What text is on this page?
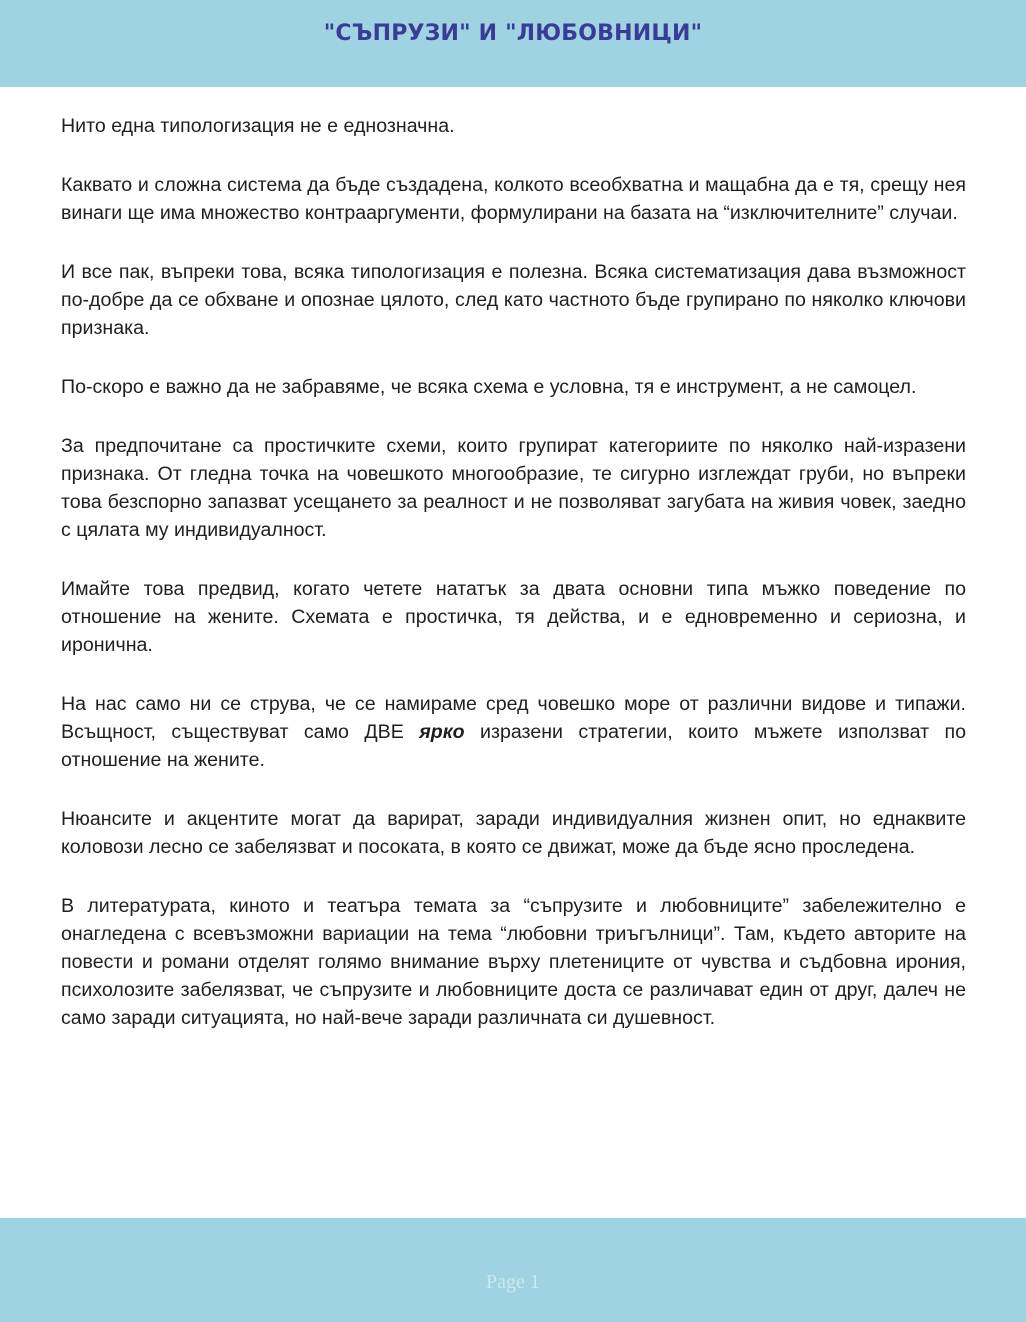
"СЪПРУЗИ" И "ЛЮБОВНИЦИ"

Нито една типологизация не е еднозначна.

Каквато и сложна система да бъде създадена, колкото всеобхватна и мащабна да е тя, срещу нея винаги ще има множество контрааргументи, формулирани на базата на “изключителните” случаи.

И все пак, въпреки това, всяка типологизация е полезна. Всяка систематизация дава възможност по-добре да се обхване и опознае цялото, след като частното бъде групирано по няколко ключови признака.

По-скоро е важно да не забравяме, че всяка схема е условна, тя е инструмент, а не самоцел.

За предпочитане са простичките схеми, които групират категориите по няколко най-изразени признака. От гледна точка на човешкото многообразие, те сигурно изглеждат груби, но въпреки това безспорно запазват усещането за реалност и не позволяват загубата на живия човек, заедно с цялата му индивидуалност.

Имайте това предвид, когато четете нататък за двата основни типа мъжко поведение по отношение на жените. Схемата е простичка, тя действа, и е едновременно и сериозна, и иронична.

На нас само ни се струва, че се намираме сред човешко море от различни видове и типажи. Всъщност, съществуват само ДВЕ ярко изразени стратегии, които мъжете използват по отношение на жените.

Нюансите и акцентите могат да варират, заради индивидуалния жизнен опит, но еднаквите коловози лесно се забелязват и посоката, в която се движат, може да бъде ясно проследена.

В литературата, киното и театъра темата за “съпрузите и любовниците” забележително е онагледена с всевъзможни вариации на тема “любовни триъгълници”. Там, където авторите на повести и романи отделят голямо внимание върху плетениците от чувства и съдбовна ирония, психолозите забелязват, че съпрузите и любовниците доста се различават един от друг, далеч не само заради ситуацията, но най-вече заради различната си душевност.

Page 1
